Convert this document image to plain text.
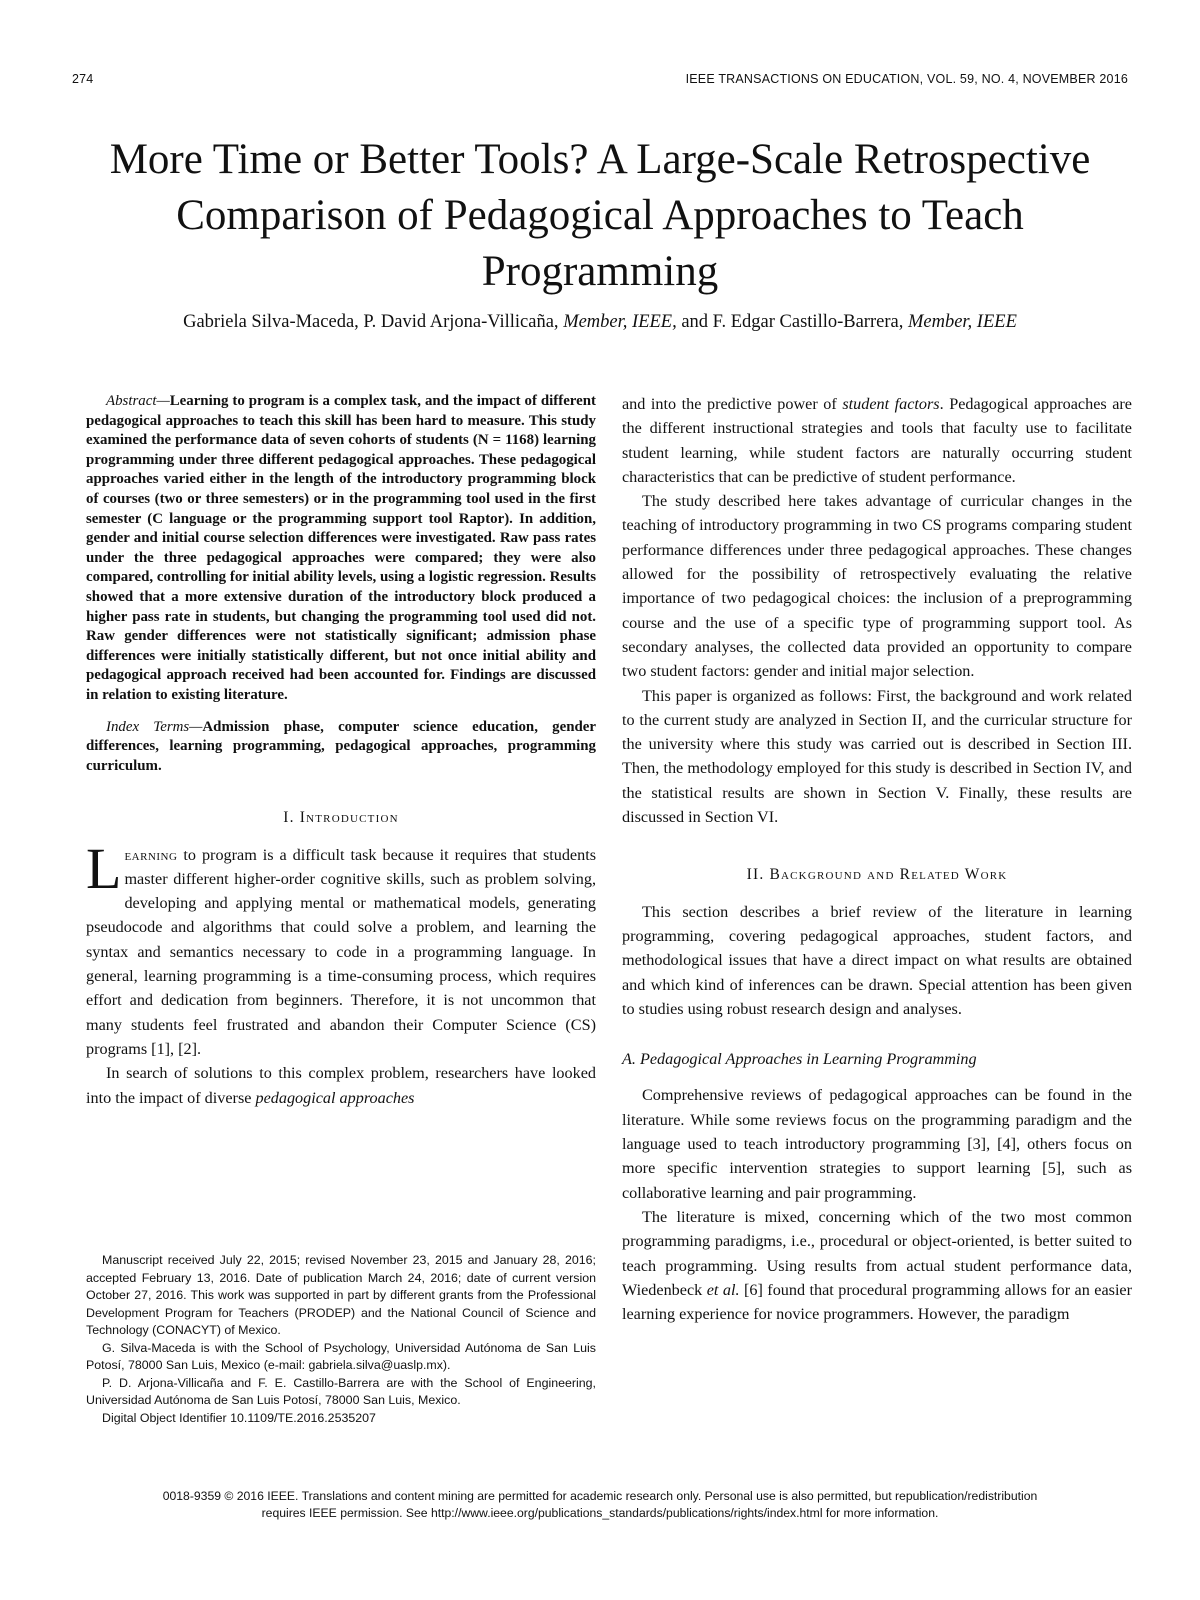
274	IEEE TRANSACTIONS ON EDUCATION, VOL. 59, NO. 4, NOVEMBER 2016
More Time or Better Tools? A Large-Scale Retrospective Comparison of Pedagogical Approaches to Teach Programming
Gabriela Silva-Maceda, P. David Arjona-Villicaña, Member, IEEE, and F. Edgar Castillo-Barrera, Member, IEEE

Abstract—Learning to program is a complex task, and the impact of different pedagogical approaches to teach this skill has been hard to measure. This study examined the performance data of seven cohorts of students (N = 1168) learning programming under three different pedagogical approaches. These pedagogical approaches varied either in the length of the introductory programming block of courses (two or three semesters) or in the programming tool used in the first semester (C language or the programming support tool Raptor). In addition, gender and initial course selection differences were investigated. Raw pass rates under the three pedagogical approaches were compared; they were also compared, controlling for initial ability levels, using a logistic regression. Results showed that a more extensive duration of the introductory block produced a higher pass rate in students, but changing the programming tool used did not. Raw gender differences were not statistically significant; admission phase differences were initially statistically different, but not once initial ability and pedagogical approach received had been accounted for. Findings are discussed in relation to existing literature.

Index Terms—Admission phase, computer science education, gender differences, learning programming, pedagogical approaches, programming curriculum.

I. Introduction

Learning to program is a difficult task because it requires that students master different higher-order cognitive skills, such as problem solving, developing and applying mental or mathematical models, generating pseudocode and algorithms that could solve a problem, and learning the syntax and semantics necessary to code in a programming language. In general, learning programming is a time-consuming process, which requires effort and dedication from beginners. Therefore, it is not uncommon that many students feel frustrated and abandon their Computer Science (CS) programs [1], [2].

In search of solutions to this complex problem, researchers have looked into the impact of diverse pedagogical approaches

and into the predictive power of student factors. Pedagogical approaches are the different instructional strategies and tools that faculty use to facilitate student learning, while student factors are naturally occurring student characteristics that can be predictive of student performance.

The study described here takes advantage of curricular changes in the teaching of introductory programming in two CS programs comparing student performance differences under three pedagogical approaches. These changes allowed for the possibility of retrospectively evaluating the relative importance of two pedagogical choices: the inclusion of a preprogramming course and the use of a specific type of programming support tool. As secondary analyses, the collected data provided an opportunity to compare two student factors: gender and initial major selection.

This paper is organized as follows: First, the background and work related to the current study are analyzed in Section II, and the curricular structure for the university where this study was carried out is described in Section III. Then, the methodology employed for this study is described in Section IV, and the statistical results are shown in Section V. Finally, these results are discussed in Section VI.

II. Background and Related Work

This section describes a brief review of the literature in learning programming, covering pedagogical approaches, student factors, and methodological issues that have a direct impact on what results are obtained and which kind of inferences can be drawn. Special attention has been given to studies using robust research design and analyses.

A. Pedagogical Approaches in Learning Programming

Comprehensive reviews of pedagogical approaches can be found in the literature. While some reviews focus on the programming paradigm and the language used to teach introductory programming [3], [4], others focus on more specific intervention strategies to support learning [5], such as collaborative learning and pair programming.

The literature is mixed, concerning which of the two most common programming paradigms, i.e., procedural or object-oriented, is better suited to teach programming. Using results from actual student performance data, Wiedenbeck et al. [6] found that procedural programming allows for an easier learning experience for novice programmers. However, the paradigm

Manuscript received July 22, 2015; revised November 23, 2015 and January 28, 2016; accepted February 13, 2016. Date of publication March 24, 2016; date of current version October 27, 2016. This work was supported in part by different grants from the Professional Development Program for Teachers (PRODEP) and the National Council of Science and Technology (CONACYT) of Mexico.

G. Silva-Maceda is with the School of Psychology, Universidad Autónoma de San Luis Potosí, 78000 San Luis, Mexico (e-mail: gabriela.silva@uaslp.mx).

P. D. Arjona-Villicaña and F. E. Castillo-Barrera are with the School of Engineering, Universidad Autónoma de San Luis Potosí, 78000 San Luis, Mexico.

Digital Object Identifier 10.1109/TE.2016.2535207

0018-9359 © 2016 IEEE. Translations and content mining are permitted for academic research only. Personal use is also permitted, but republication/redistribution
requires IEEE permission. See http://www.ieee.org/publications_standards/publications/rights/index.html for more information.
